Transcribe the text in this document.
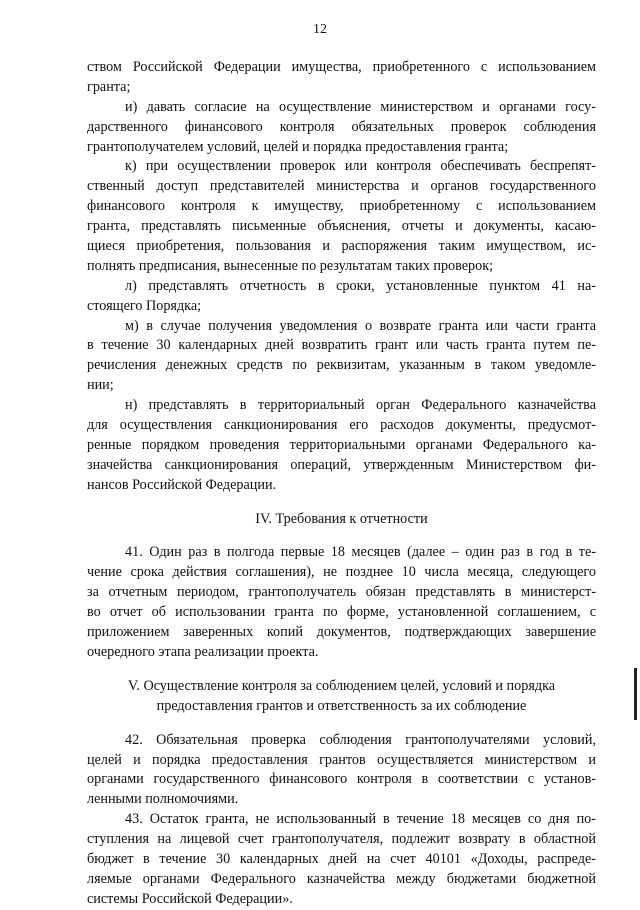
12
ством Российской Федерации имущества, приобретенного с использованием
гранта;
и) давать согласие на осуществление министерством и органами госу-
дарственного финансового контроля обязательных проверок соблюдения
грантополучателем условий, целей и порядка предоставления гранта;
к) при осуществлении проверок или контроля обеспечивать беспрепят-
ственный доступ представителей министерства и органов государственного
финансового контроля к имуществу, приобретенному с использованием
гранта, представлять письменные объяснения, отчеты и документы, касаю-
щиеся приобретения, пользования и распоряжения таким имуществом, ис-
полнять предписания, вынесенные по результатам таких проверок;
л) представлять отчетность в сроки, установленные пунктом 41 на-
стоящего Порядка;
м) в случае получения уведомления о возврате гранта или части гранта
в течение 30 календарных дней возвратить грант или часть гранта путем пе-
речисления денежных средств по реквизитам, указанным в таком уведомле-
нии;
н) представлять в территориальный орган Федерального казначейства
для осуществления санкционирования его расходов документы, предусмот-
ренные порядком проведения территориальными органами Федерального ка-
значейства санкционирования операций, утвержденным Министерством фи-
нансов Российской Федерации.
IV. Требования к отчетности
41. Один раз в полгода первые 18 месяцев (далее – один раз в год в те-
чение срока действия соглашения), не позднее 10 числа месяца, следующего
за отчетным периодом, грантополучатель обязан представлять в министерст-
во отчет об использовании гранта по форме, установленной соглашением, с
приложением заверенных копий документов, подтверждающих завершение
очередного этапа реализации проекта.
V. Осуществление контроля за соблюдением целей, условий и порядка
предоставления грантов и ответственность за их соблюдение
42. Обязательная проверка соблюдения грантополучателями условий,
целей и порядка предоставления грантов осуществляется министерством и
органами государственного финансового контроля в соответствии с установ-
ленными полномочиями.
43. Остаток гранта, не использованный в течение 18 месяцев со дня по-
ступления на лицевой счет грантополучателя, подлежит возврату в областной
бюджет в течение 30 календарных дней на счет 40101 «Доходы, распреде-
ляемые органами Федерального казначейства между бюджетами бюджетной
системы Российской Федерации».
